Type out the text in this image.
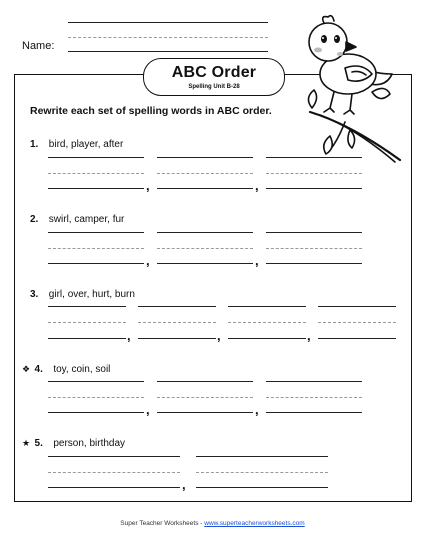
Name:
ABC Order
Spelling Unit B-28
Rewrite each set of spelling words in ABC order.
1. bird, player, after
,	,
2. swirl, camper, fur
,	,
3. girl, over, hurt, burn
,	,	,
❖ 4. toy, coin, soil
,	,
★ 5. person, birthday
,
Super Teacher Worksheets - www.superteacherworksheets.com
